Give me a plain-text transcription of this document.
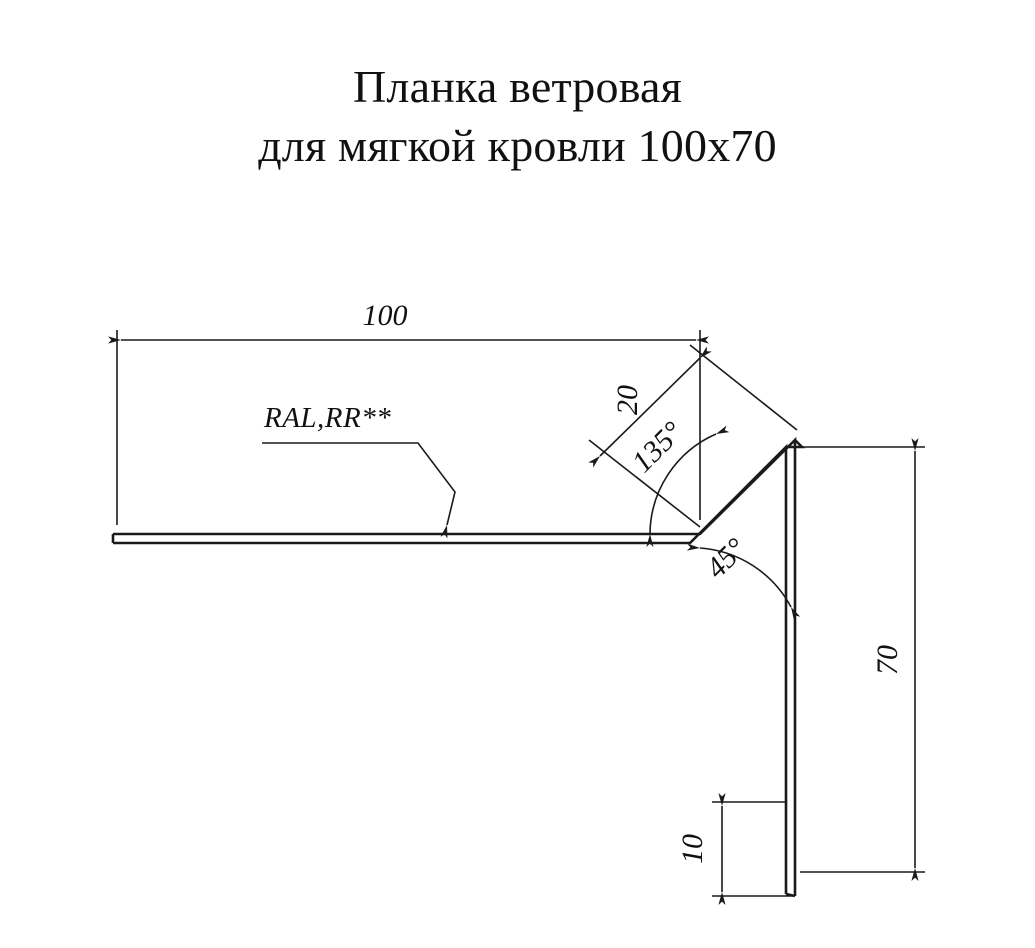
Планка ветровая
для мягкой кровли 100х70
100
20
135°
45°
70
10
RAL,RR**
